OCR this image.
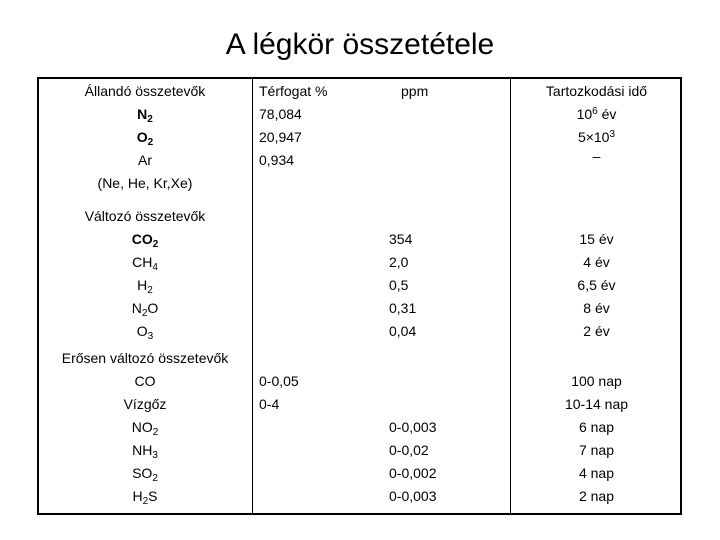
A légkör összetétele
Állandó összetevők
$N_2$
$O_2$
Ar
(Ne, He, Kr,Xe)
Változó összetevők
$CO_2$
$CH_4$
$H_2$
$N_2O$
$O_3$
Erősen változó összetevők
CO
Vízgőz
$NO_2$
$NH_3$
$SO_2$
$H_2S$
Térfogat %
78,084
20,947
0,934
0-0,05
0-4
ppm
354
2,0
0,5
0,31
0,04
0-0,003
0-0,02
0-0,002
0-0,003
Tartozkodási idő
$10^6$ év
$5\times 10^3$
–
15 év
4 év
6,5 év
8 év
2 év
100 nap
10-14 nap
6 nap
7 nap
4 nap
2 nap
